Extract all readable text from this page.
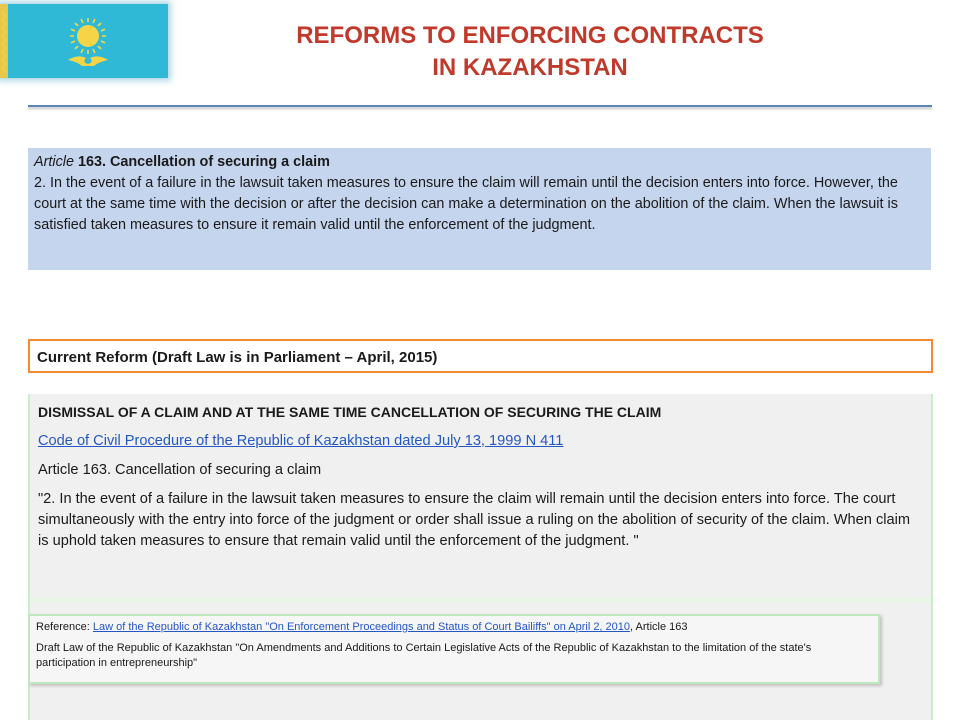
REFORMS TO ENFORCING CONTRACTS
IN KAZAKHSTAN
Article 163. Cancellation of securing a claim
2. In the event of a failure in the lawsuit taken measures to ensure the claim will remain until the decision enters into force. However, the court at the same time with the decision or after the decision can make a determination on the abolition of the claim. When the lawsuit is satisfied taken measures to ensure it remain valid until the enforcement of the judgment.
Current Reform (Draft Law is in Parliament – April, 2015)

DISMISSAL OF A CLAIM AND AT THE SAME TIME CANCELLATION OF SECURING THE CLAIM

Code of Civil Procedure of the Republic of Kazakhstan dated July 13, 1999 N 411

Article 163. Cancellation of securing a claim

"2. In the event of a failure in the lawsuit taken measures to ensure the claim will remain until the decision enters into force. The court simultaneously with the entry into force of the judgment or order shall issue a ruling on the abolition of security of the claim. When claim is uphold taken measures to ensure that remain valid until the enforcement of the judgment. "

Reference: Law of the Republic of Kazakhstan "On Enforcement Proceedings and Status of Court Bailiffs" on April 2, 2010, Article 163

Draft Law of the Republic of Kazakhstan "On Amendments and Additions to Certain Legislative Acts of the Republic of Kazakhstan to the limitation of the state's participation in entrepreneurship"
